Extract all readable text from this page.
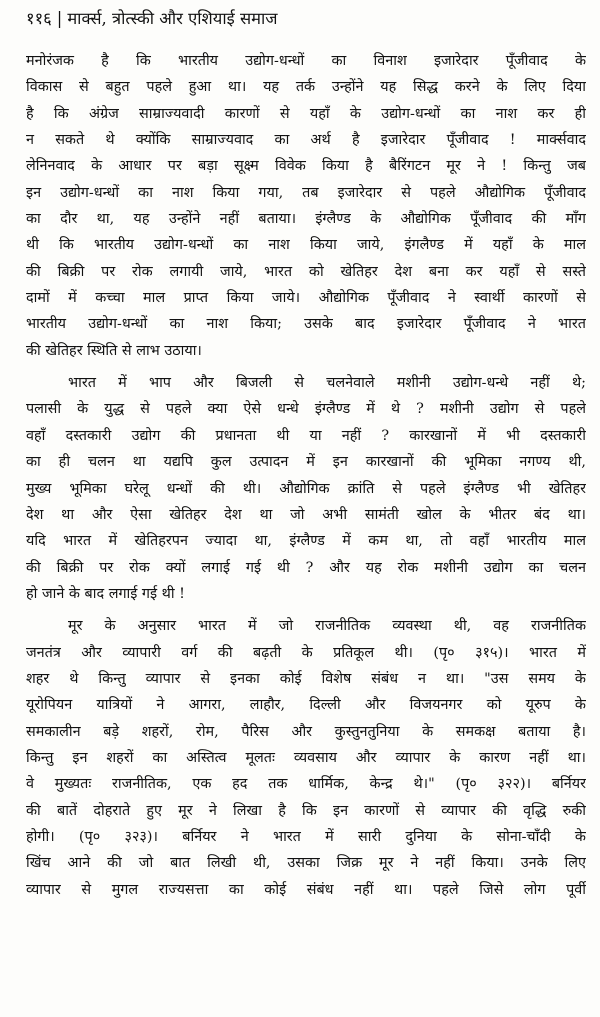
११६ | मार्क्स, त्रोत्स्की और एशियाई समाज
मनोरंजक है कि भारतीय उद्योग-धन्धों का विनाश इजारेदार पूँजीवाद के
विकास से बहुत पहले हुआ था। यह तर्क उन्होंने यह सिद्ध करने के लिए दिया
है कि अंग्रेज साम्राज्यवादी कारणों से यहाँ के उद्योग-धन्धों का नाश कर ही
न सकते थे क्योंकि साम्राज्यवाद का अर्थ है इजारेदार पूँजीवाद ! मार्क्सवाद
लेनिनवाद के आधार पर बड़ा सूक्ष्म विवेक किया है बैरिंगटन मूर ने ! किन्तु जब
इन उद्योग-धन्धों का नाश किया गया, तब इजारेदार से पहले औद्योगिक पूँजीवाद
का दौर था, यह उन्होंने नहीं बताया। इंग्लैण्ड के औद्योगिक पूँजीवाद की माँग
थी कि भारतीय उद्योग-धन्धों का नाश किया जाये, इंगलैण्ड में यहाँ के माल
की बिक्री पर रोक लगायी जाये, भारत को खेतिहर देश बना कर यहाँ से सस्ते
दामों में कच्चा माल प्राप्त किया जाये। औद्योगिक पूँजीवाद ने स्वार्थी कारणों से
भारतीय उद्योग-धन्धों का नाश किया; उसके बाद इजारेदार पूँजीवाद ने भारत
की खेतिहर स्थिति से लाभ उठाया।
भारत में भाप और बिजली से चलनेवाले मशीनी उद्योग-धन्धे नहीं थे;
पलासी के युद्ध से पहले क्या ऐसे धन्धे इंग्लैण्ड में थे ? मशीनी उद्योग से पहले
वहाँ दस्तकारी उद्योग की प्रधानता थी या नहीं ? कारखानों में भी दस्तकारी
का ही चलन था यद्यपि कुल उत्पादन में इन कारखानों की भूमिका नगण्य थी,
मुख्य भूमिका घरेलू धन्धों की थी। औद्योगिक क्रांति से पहले इंग्लैण्ड भी खेतिहर
देश था और ऐसा खेतिहर देश था जो अभी सामंती खोल के भीतर बंद था।
यदि भारत में खेतिहरपन ज्यादा था, इंग्लैण्ड में कम था, तो वहाँ भारतीय माल
की बिक्री पर रोक क्यों लगाई गई थी ? और यह रोक मशीनी उद्योग का चलन
हो जाने के बाद लगाई गई थी !
मूर के अनुसार भारत में जो राजनीतिक व्यवस्था थी, वह राजनीतिक
जनतंत्र और व्यापारी वर्ग की बढ़ती के प्रतिकूल थी। (पृ० ३१५)। भारत में
शहर थे किन्तु व्यापार से इनका कोई विशेष संबंध न था। "उस समय के
यूरोपियन यात्रियों ने आगरा, लाहौर, दिल्ली और विजयनगर को यूरुप के
समकालीन बड़े शहरों, रोम, पैरिस और कुस्तुनतुनिया के समकक्ष बताया है।
किन्तु इन शहरों का अस्तित्व मूलतः व्यवसाय और व्यापार के कारण नहीं था।
वे मुख्यतः राजनीतिक, एक हद तक धार्मिक, केन्द्र थे।" (पृ० ३२२)। बर्नियर
की बातें दोहराते हुए मूर ने लिखा है कि इन कारणों से व्यापार की वृद्धि रुकी
होगी। (पृ० ३२३)। बर्नियर ने भारत में सारी दुनिया के सोना-चाँदी के
खिंच आने की जो बात लिखी थी, उसका जिक्र मूर ने नहीं किया। उनके लिए
व्यापार से मुगल राज्यसत्ता का कोई संबंध नहीं था। पहले जिसे लोग पूर्वी
